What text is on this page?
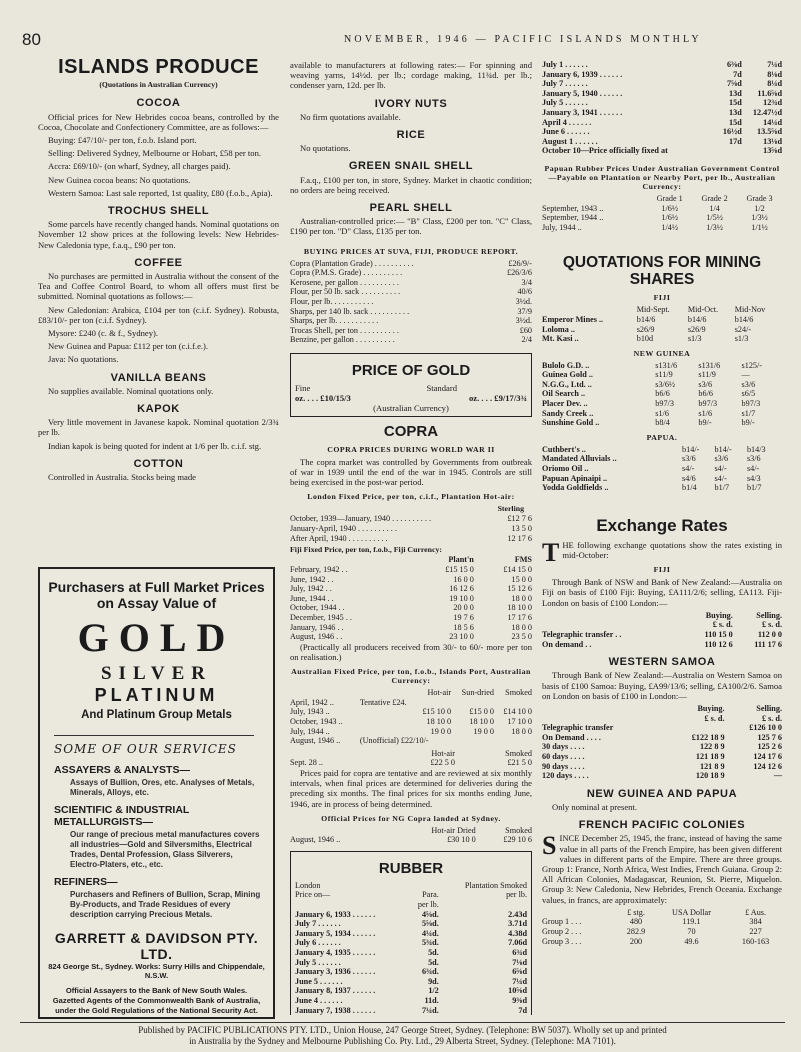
80	NOVEMBER, 1946 — PACIFIC ISLANDS MONTHLY
ISLANDS PRODUCE
(Quotations in Australian Currency)
COCOA

Official prices for New Hebrides cocoa beans, controlled by the Cocoa, Chocolate and Confectionery Committee, are as follows:—

Buying: £47/10/- per ton, f.o.b. Island port.

Selling: Delivered Sydney, Melbourne or Hobart, £58 per ton.

Accra: £69/10/- (on wharf, Sydney, all charges paid).

New Guinea cocoa beans: No quotations.

Western Samoa: Last sale reported, 1st quality, £80 (f.o.b., Apia).

TROCHUS SHELL

Some parcels have recently changed hands. Nominal quotations on November 12 show prices at the following levels: New Hebrides-New Caledonia type, f.a.q., £90 per ton.

COFFEE

No purchases are permitted in Australia without the consent of the Tea and Coffee Control Board, to whom all offers must first be submitted. Nominal quotations as follows:—

New Caledonian: Arabica, £104 per ton (c.i.f. Sydney). Robusta, £83/10/- per ton (c.i.f. Sydney).

Mysore: £240 (c. & f., Sydney).

New Guinea and Papua: £112 per ton (c.i.f.e.).

Java: No quotations.

VANILLA BEANS

No supplies available. Nominal quotations only.

KAPOK

Very little movement in Javanese kapok. Nominal quotation 2/3¾ per lb.

Indian kapok is being quoted for indent at 1/6 per lb. c.i.f. stg.

COTTON

Controlled in Australia. Stocks being made

Purchasers at Full Market Prices on Assay Value of
GOLD
SILVER
PLATINUM
And Platinum Group Metals
SOME OF OUR SERVICES
ASSAYERS & ANALYSTS—
Assays of Bullion, Ores, etc. Analyses of Metals, Minerals, Alloys, etc.
SCIENTIFIC & INDUSTRIAL METALLURGISTS—
Our range of precious metal manufactures covers all industries—Gold and Silversmiths, Electrical Trades, Dental Profession, Glass Silverers, Electro-Platers, etc., etc.
REFINERS—
Purchasers and Refiners of Bullion, Scrap, Mining By-Products, and Trade Residues of every description carrying Precious Metals.
GARRETT & DAVIDSON PTY. LTD.
824 George St., Sydney. Works: Surry Hills and Chippendale, N.S.W.
Official Assayers to the Bank of New South Wales. Gazetted Agents of the Commonwealth Bank of Australia, under the Gold Regulations of the National Security Act.

available to manufacturers at following rates:— For spinning and weaving yarns, 14½d. per lb.; cordage making, 11¾d. per lb.; condenser yarn, 12d. per lb.

IVORY NUTS

No firm quotations available.

RICE

No quotations.

GREEN SNAIL SHELL

F.a.q., £100 per ton, in store, Sydney. Market in chaotic condition; no orders are being received.

PEARL SHELL

Australian-controlled price:— "B" Class, £200 per ton. "C" Class, £190 per ton. "D" Class, £135 per ton.

BUYING PRICES AT SUVA, FIJI, PRODUCE REPORT.
Copra (Plantation Grade) . . . . . . . . . .	£26/9/-
Copra (P.M.S. Grade) . . . . . . . . . .	£26/3/6
Kerosene, per gallon . . . . . . . . . .	3/4
Flour, per 50 lb. sack . . . . . . . . . .	40/6
Flour, per lb. . . . . . . . . . .	3½d.
Sharps, per 140 lb. sack . . . . . . . . . .	37/9
Sharps, per lb. . . . . . . . . . .	3½d.
Trocas Shell, per ton . . . . . . . . . .	£60
Benzine, per gallon . . . . . . . . . .	2/4
PRICE OF GOLD
Fine	Standard
oz. . . . £10/15/3	oz. . . . £9/17/3¾
(Australian Currency)
COPRA
COPRA PRICES DURING WORLD WAR II

The copra market was controlled by Governments from outbreak of war in 1939 until the end of the war in 1945. Controls are still being exercised in the post-war period.

London Fixed Price, per ton, c.i.f., Plantation Hot-air:
Sterling
October, 1939—January, 1940 . . . . . . . . . .	£12 7 6
January-April, 1940 . . . . . . . . . .	13 5 0
After April, 1940 . . . . . . . . . .	12 17 6
Fiji Fixed Price, per ton, f.o.b., Fiji Currency:
	Plant'n	FMS
February, 1942 . .	£15 15 0	£14 15 0
June, 1942 . .	16 0 0	15 0 0
July, 1942 . .	16 12 6	15 12 6
June, 1944 . .	19 10 0	18 0 0
October, 1944 . .	20 0 0	18 10 0
December, 1945 . .	19 7 6	17 17 6
January, 1946 . .	18 5 6	18 0 0
August, 1946 . .	23 10 0	23 5 0

(Practically all producers received from 30/- to 60/- more per ton on realisation.)

Australian Fixed Price, per ton, f.o.b., Islands Port, Australian Currency:
	Hot-air	Sun-dried	Smoked
April, 1942 ..	Tentative £24.		
July, 1943 ..	£15 10 0	£15 0 0	£14 10 0
October, 1943 ..	18 10 0	18 10 0	17 10 0
July, 1944 ..	19 0 0	19 0 0	18 0 0
August, 1946 ..	(Unofficial) £22/10/-		
	Hot-air	Smoked
Sept. 28 ..	£22 5 0	£21 5 0

Prices paid for copra are tentative and are reviewed at six monthly intervals, when final prices are determined for deliveries during the preceding six months. The final prices for six months ending June, 1946, are in process of being determined.

Official Prices for NG Copra landed at Sydney.
	Hot-air Dried	Smoked
August, 1946 ..	£30 10 0	£29 10 6
RUBBER
London		Plantation Smoked
Price on—	Para.	per lb.
	per lb.	
January 6, 1933 . . . . . .	4⅝d.	2.43d
July 7 . . . . . .	5⅝d.	3.71d
January 5, 1934 . . . . . .	4¼d.	4.38d
July 6 . . . . . .	5¾d.	7.06d
January 4, 1935 . . . . . .	5d.	6¾d
July 5 . . . . . .	5d.	7⅛d
January 3, 1936 . . . . . .	6¾d.	6⅝d
June 5 . . . . . .	9d.	7¼d
January 8, 1937 . . . . . .	1/2	10⅝d
June 4 . . . . . .	11d.	9⅜d
January 7, 1938 . . . . . .	7¼d.	7d
July 1 . . . . . .	6⅜d	7¼d
January 6, 1939 . . . . . .	7d	8⅛d
July 7 . . . . . .	7⅝d	8¼d
January 5, 1940 . . . . . .	13d	11.6⅝d
July 5 . . . . . .	15d	12¾d
January 3, 1941 . . . . . .	13d	12.47½d
April 4 . . . . . .	15d	14¼d
June 6 . . . . . .	16½d	13.5⅝d
August 1 . . . . . .	17d	13⅛d
October 10—Price officially fixed at		13⅝d
Papuan Rubber Prices Under Australian Government Control—Payable on Plantation or Nearby Port, per lb., Australian Currency:
	Grade 1	Grade 2	Grade 3
September, 1943 ..	1/6½	1/4	1/2
September, 1944 ..	1/6½	1/5½	1/3½
July, 1944 ..	1/4½	1/3½	1/1½
QUOTATIONS FOR MINING SHARES
FIJI
	Mid-Sept.	Mid-Oct.	Mid-Nov
Emperor Mines ..	b14/6	b14/6	b14/6
Loloma ..	s26/9	s26/9	s24/-
Mt. Kasi ..	b10d	s1/3	s1/3
NEW GUINEA
Bulolo G.D. ..	s131/6	s131/6	s125/-
Guinea Gold ..	s11/9	s11/9	—
N.G.G., Ltd. ..	s3/6½	s3/6	s3/6
Oil Search ..	b6/6	b6/6	s6/5
Placer Dev. ..	b97/3	b97/3	b97/3
Sandy Creek ..	s1/6	s1/6	s1/7
Sunshine Gold ..	b8/4	b9/-	b9/-
PAPUA.
Cuthbert's ..	b14/-	b14/-	b14/3
Mandated Alluvials ..	s3/6	s3/6	s3/6
Oriomo Oil ..	s4/-	s4/-	s4/-
Papuan Apinaipi ..	s4/6	s4/-	s4/3
Yodda Goldfields ..	b1/4	b1/7	b1/7
Exchange Rates

THE following exchange quotations show the rates existing in mid-October:

FIJI

Through Bank of NSW and Bank of New Zealand:—Australia on Fiji on basis of £100 Fiji: Buying, £A111/2/6; selling, £A113. Fiji-London on basis of £100 London:—

	Buying.	Selling.
	£ s. d.	£ s. d.
Telegraphic transfer . .	110 15 0	112 0 0
On demand . .	110 12 6	111 17 6
WESTERN SAMOA

Through Bank of New Zealand:—Australia on Western Samoa on basis of £100 Samoa: Buying, £A99/13/6; selling, £A100/2/6. Samoa on London on basis of £100 in London:—

	Buying.	Selling.
	£ s. d.	£ s. d.
Telegraphic transfer		£126 10 0
On Demand . . . .	£122 18 9	125 7 6
30 days . . . .	122 8 9	125 2 6
60 days . . . .	121 18 9	124 17 6
90 days . . . .	121 8 9	124 12 6
120 days . . . .	120 18 9	—
NEW GUINEA AND PAPUA

Only nominal at present.

FRENCH PACIFIC COLONIES

SINCE December 25, 1945, the franc, instead of having the same value in all parts of the French Empire, has been given different values in different parts of the Empire. There are three groups. Group 1: France, North Africa, West Indies, French Guiana. Group 2: All African Colonies, Madagascar, Reunion, St. Pierre, Miquelon. Group 3: New Caledonia, New Hebrides, French Oceania. Exchange values, in francs, are approximately:

	£ stg.	USA Dollar	£ Aus.
Group 1 . . .	480	119.1	384
Group 2 . . .	282.9	70	227
Group 3 . . .	200	49.6	160-163
Published by PACIFIC PUBLICATIONS PTY. LTD., Union House, 247 George Street, Sydney. (Telephone: BW 5037). Wholly set up and printed
in Australia by the Sydney and Melbourne Publishing Co. Pty. Ltd., 29 Alberta Street, Sydney. (Telephone: MA 7101).
